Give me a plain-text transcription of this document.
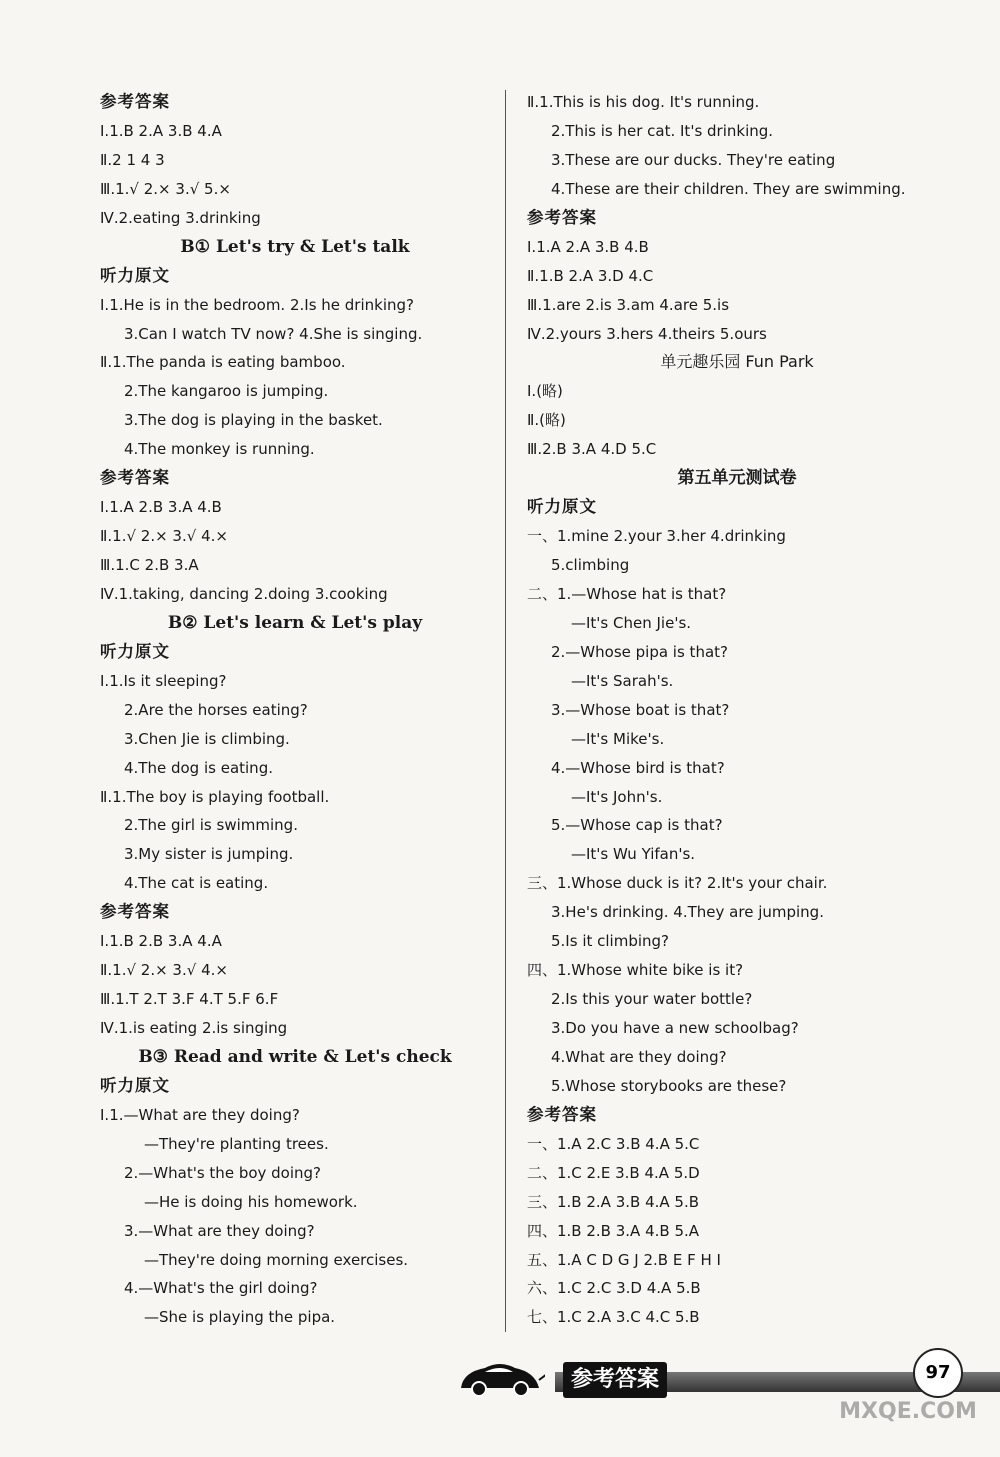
参考答案
Ⅰ.1.B 2.A 3.B 4.A
Ⅱ.2 1 4 3
Ⅲ.1.√ 2.× 3.√ 5.×
Ⅳ.2.eating 3.drinking
B① Let's try & Let's talk
听力原文
Ⅰ.1.He is in the bedroom. 2.Is he drinking?
3.Can I watch TV now? 4.She is singing.
Ⅱ.1.The panda is eating bamboo.
2.The kangaroo is jumping.
3.The dog is playing in the basket.
4.The monkey is running.
参考答案
Ⅰ.1.A 2.B 3.A 4.B
Ⅱ.1.√ 2.× 3.√ 4.×
Ⅲ.1.C 2.B 3.A
Ⅳ.1.taking, dancing 2.doing 3.cooking
B② Let's learn & Let's play
听力原文
Ⅰ.1.Is it sleeping?
2.Are the horses eating?
3.Chen Jie is climbing.
4.The dog is eating.
Ⅱ.1.The boy is playing football.
2.The girl is swimming.
3.My sister is jumping.
4.The cat is eating.
参考答案
Ⅰ.1.B 2.B 3.A 4.A
Ⅱ.1.√ 2.× 3.√ 4.×
Ⅲ.1.T 2.T 3.F 4.T 5.F 6.F
Ⅳ.1.is eating 2.is singing
B③ Read and write & Let's check
听力原文
Ⅰ.1.—What are they doing?
—They're planting trees.
2.—What's the boy doing?
—He is doing his homework.
3.—What are they doing?
—They're doing morning exercises.
4.—What's the girl doing?
—She is playing the pipa.
Ⅱ.1.This is his dog. It's running.
2.This is her cat. It's drinking.
3.These are our ducks. They're eating
4.These are their children. They are swimming.
参考答案
Ⅰ.1.A 2.A 3.B 4.B
Ⅱ.1.B 2.A 3.D 4.C
Ⅲ.1.are 2.is 3.am 4.are 5.is
Ⅳ.2.yours 3.hers 4.theirs 5.ours
单元趣乐园 Fun Park
Ⅰ.(略)
Ⅱ.(略)
Ⅲ.2.B 3.A 4.D 5.C
第五单元测试卷
听力原文
一、1.mine 2.your 3.her 4.drinking
5.climbing
二、1.—Whose hat is that?
—It's Chen Jie's.
2.—Whose pipa is that?
—It's Sarah's.
3.—Whose boat is that?
—It's Mike's.
4.—Whose bird is that?
—It's John's.
5.—Whose cap is that?
—It's Wu Yifan's.
三、1.Whose duck is it? 2.It's your chair.
3.He's drinking. 4.They are jumping.
5.Is it climbing?
四、1.Whose white bike is it?
2.Is this your water bottle?
3.Do you have a new schoolbag?
4.What are they doing?
5.Whose storybooks are these?
参考答案
一、1.A 2.C 3.B 4.A 5.C
二、1.C 2.E 3.B 4.A 5.D
三、1.B 2.A 3.B 4.A 5.B
四、1.B 2.B 3.A 4.B 5.A
五、1.A C D G J 2.B E F H I
六、1.C 2.C 3.D 4.A 5.B
七、1.C 2.A 3.C 4.C 5.B
参考答案	97
MXQE.COM
